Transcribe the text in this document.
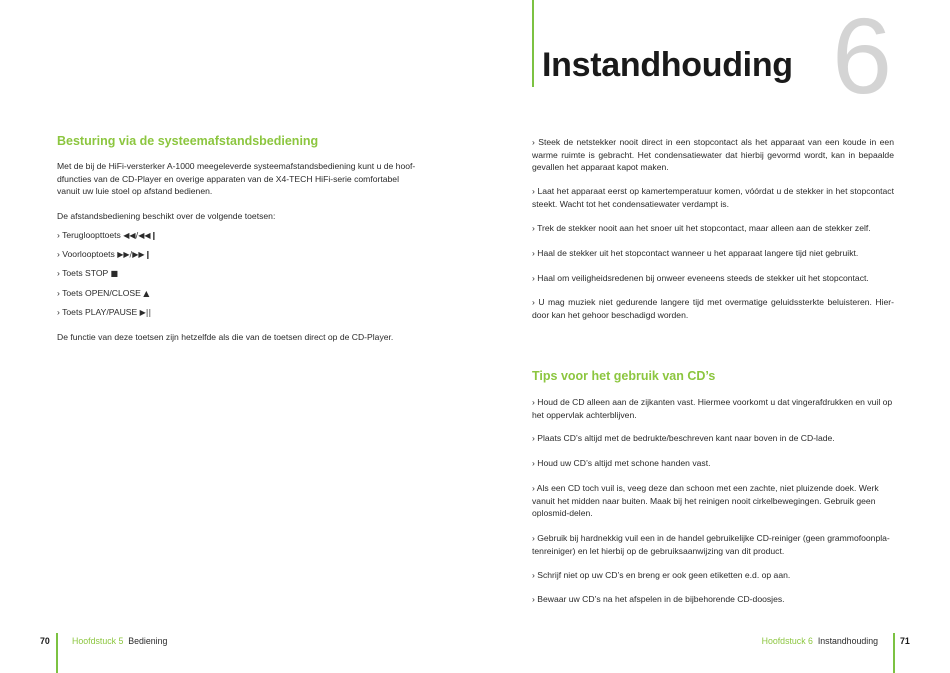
Besturing via de systeemafstandsbediening
Met de bij de HiFi-versterker A-1000 meegeleverde systeemafstandsbediening kunt u de hoof-dfuncties van de CD-Player en overige apparaten van de X4-TECH HiFi-serie comfortabel vanuit uw luie stoel op afstand bedienen.
De afstandsbediening beschikt over de volgende toetsen:
› Terugloopttoets ◀◀/◀◀❙
› Voorlooptoets ▶▶/▶▶❙
› Toets STOP ■
› Toets OPEN/CLOSE ▲
› Toets PLAY/PAUSE ▶||
De functie van deze toetsen zijn hetzelfde als die van de toetsen direct op de CD-Player.
70	Hoofdstuck 5 Bediening
Instandhouding 6
› Steek de netstekker nooit direct in een stopcontact als het apparaat van een koude in een warme ruimte is gebracht. Het condensatiewater dat hierbij gevormd wordt, kan in bepaalde gevallen het apparaat kapot maken.
› Laat het apparaat eerst op kamertemperatuur komen, vóórdat u de stekker in het stopcontact steekt. Wacht tot het condensatiewater verdampt is.
› Trek de stekker nooit aan het snoer uit het stopcontact, maar alleen aan de stekker zelf.
› Haal de stekker uit het stopcontact wanneer u het apparaat langere tijd niet gebruikt.
› Haal om veiligheidsredenen bij onweer eveneens steeds de stekker uit het stopcontact.
› U mag muziek niet gedurende langere tijd met overmatige geluidssterkte beluisteren. Hier-door kan het gehoor beschadigd worden.
Tips voor het gebruik van CD’s
› Houd de CD alleen aan de zijkanten vast. Hiermee voorkomt u dat vingerafdrukken en vuil op het oppervlak achterblijven.
› Plaats CD’s altijd met de bedrukte/beschreven kant naar boven in de CD-lade.
› Houd uw CD’s altijd met schone handen vast.
› Als een CD toch vuil is, veeg deze dan schoon met een zachte, niet pluizende doek. Werk vanuit het midden naar buiten. Maak bij het reinigen nooit cirkelbewegingen. Gebruik geen oplosmid-delen.
› Gebruik bij hardnekkig vuil een in de handel gebruikelijke CD-reiniger (geen grammofoonpla-tenreiniger) en let hierbij op de gebruiksaanwijzing van dit product.
› Schrijf niet op uw CD’s en breng er ook geen etiketten e.d. op aan.
› Bewaar uw CD’s na het afspelen in de bijbehorende CD-doosjes.
Hoofdstuck 6 Instandhouding	71
